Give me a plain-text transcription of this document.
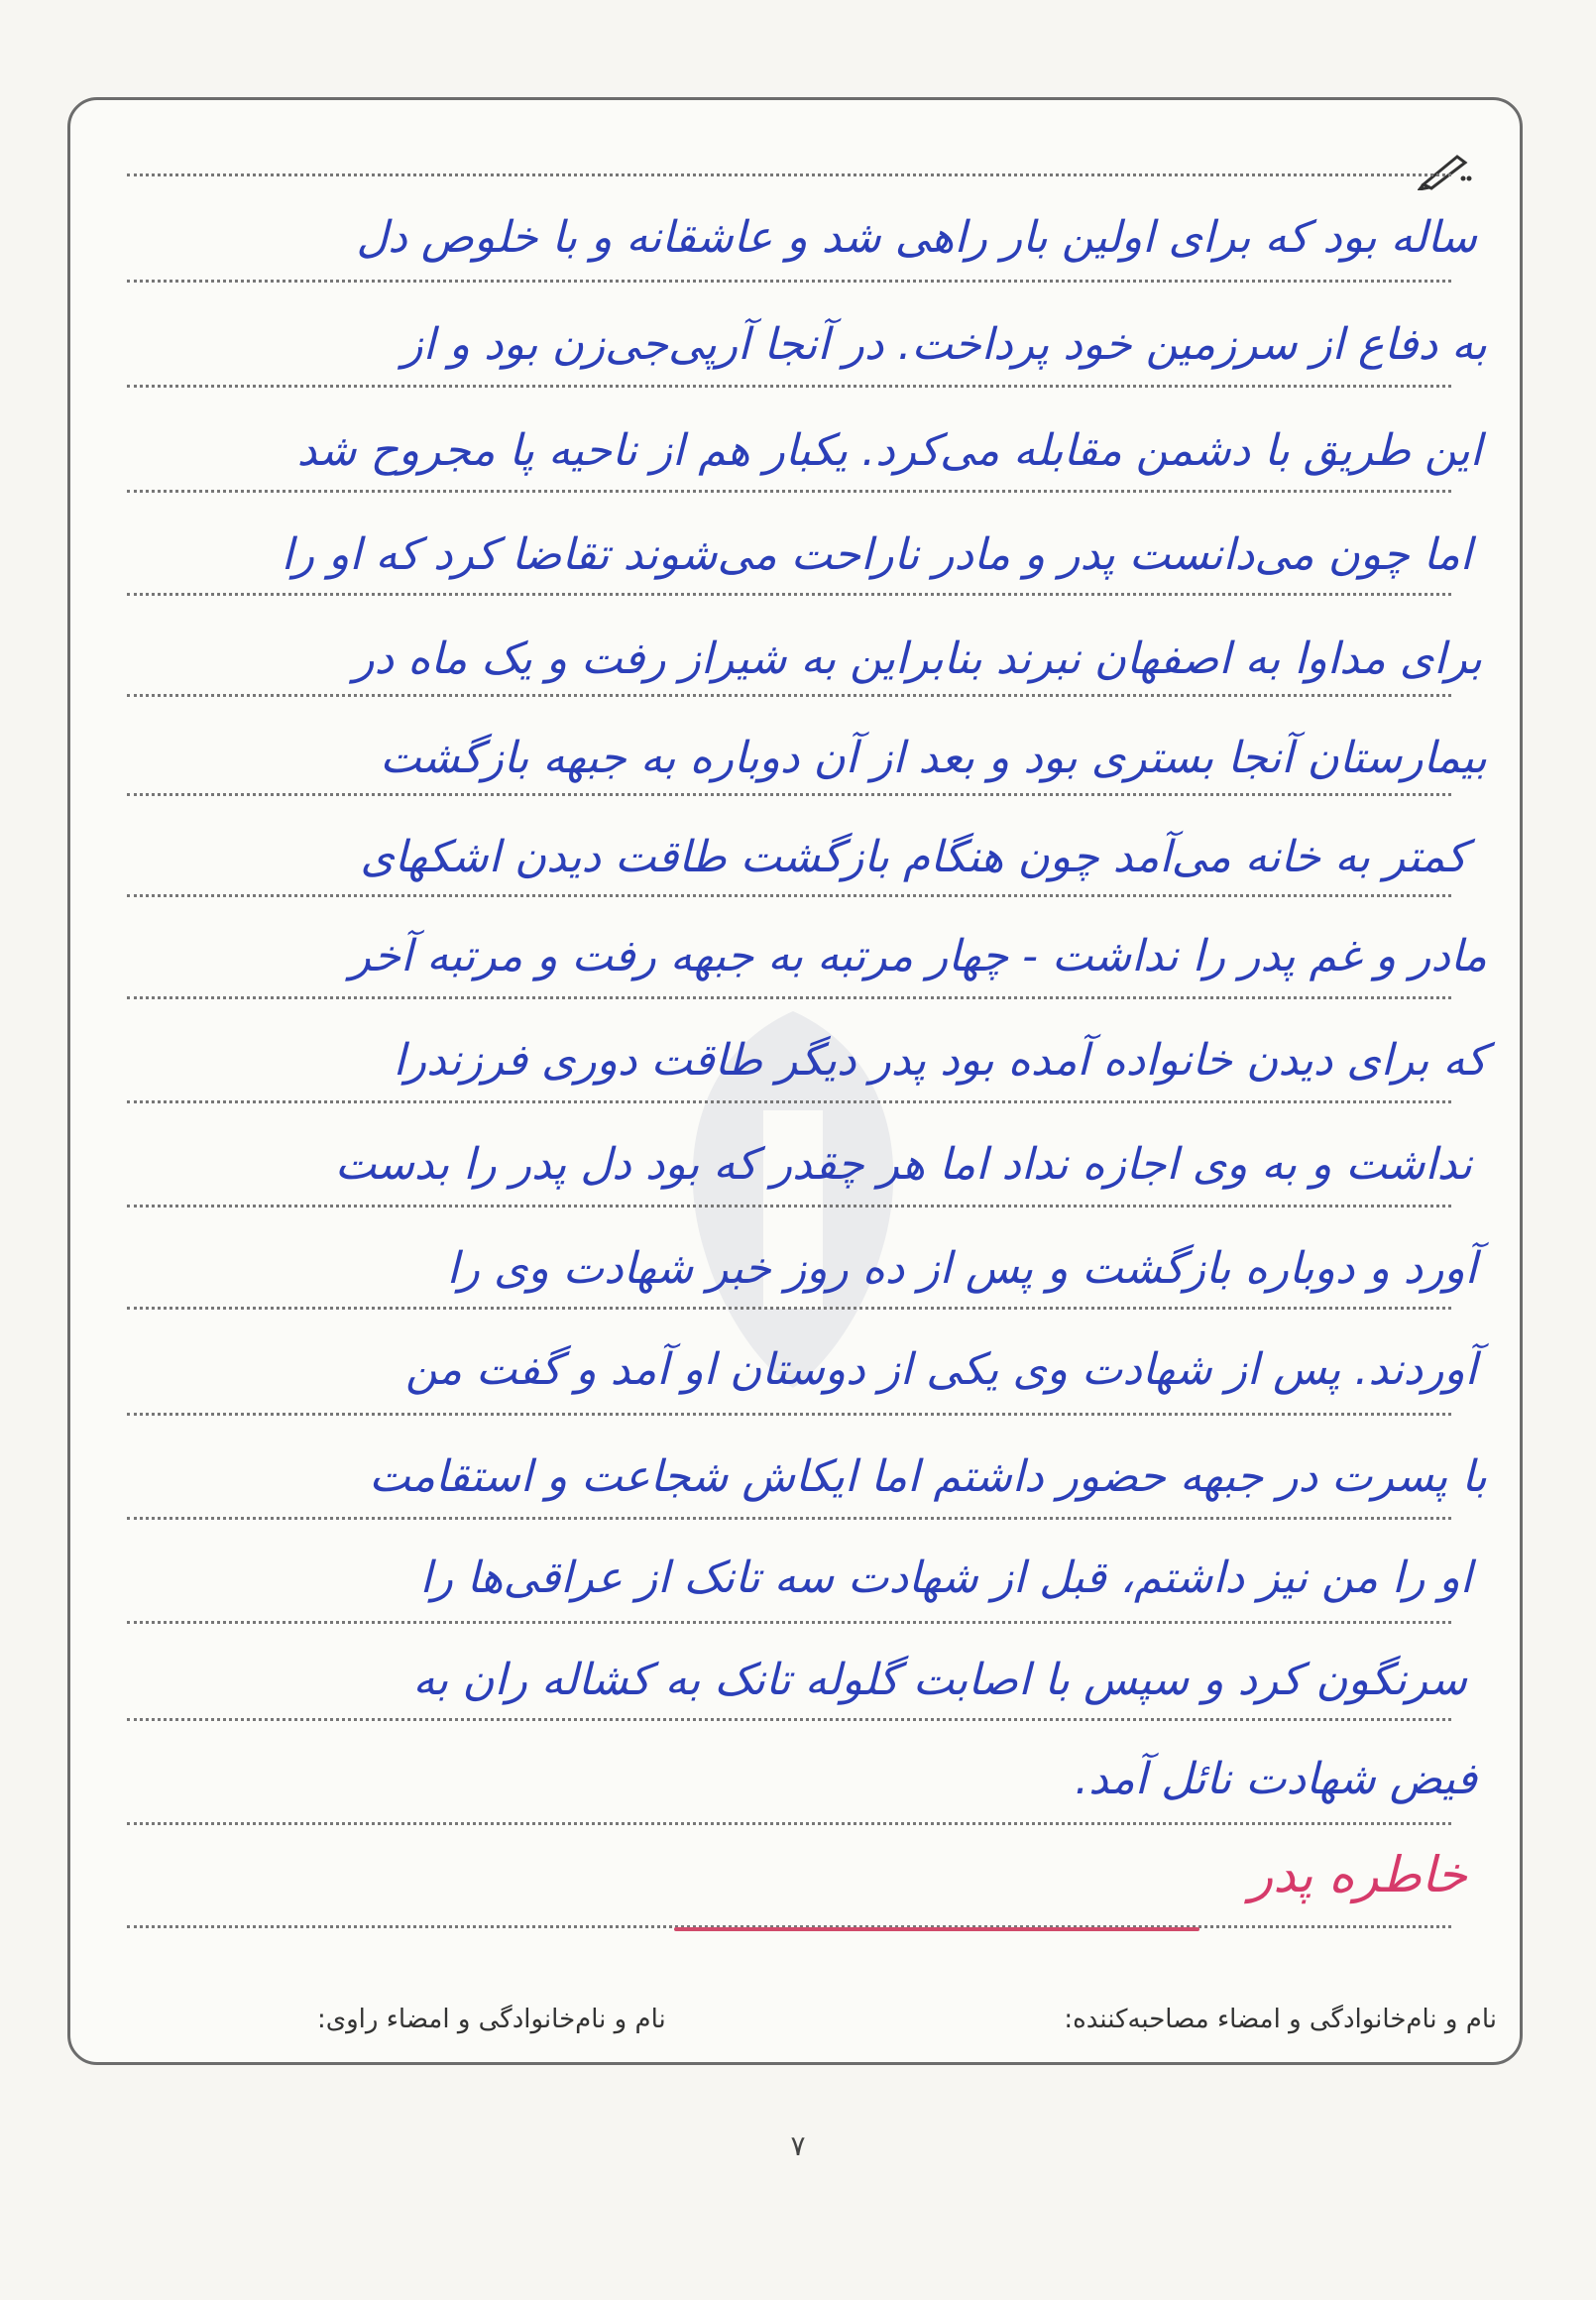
سالە بود کە برای اولین بار راهی شد و عاشقانە و با خلوص دل
بە دفاع از سرزمین خود پرداخت. در آنجا آرپی‌جی‌زن بود و از
این طریق با دشمن مقابلە می‌کرد. یکبار هم از ناحیە پا مجروح شد
اما چون می‌دانست پدر و مادر ناراحت می‌شوند تقاضا کرد کە او را
برای مداوا بە اصفهان نبرند بنابراین بە شیراز رفت و یک ماه در
بیمارستان آنجا بستری بود و بعد از آن دوبارە بە جبهە بازگشت
کمتر بە خانە می‌آمد چون هنگام بازگشت طاقت دیدن اشکهای
مادر و غم پدر را نداشت - چهار مرتبە بە جبهە رفت و مرتبە آخر
کە برای دیدن خانوادە آمدە بود پدر دیگر طاقت دوری فرزندرا
نداشت و بە وی اجازە نداد اما هر چقدر کە بود دل پدر را بدست
آورد و دوبارە بازگشت و پس از دە روز خبر شهادت وی را
آوردند. پس از شهادت وی یکی از دوستان او آمد و گفت من
با پسرت در جبهە حضور داشتم اما ایکاش شجاعت و استقامت
او را من نیز داشتم، قبل از شهادت سە تانک از عراقی‌ها را
سرنگون کرد و سپس با اصابت گلولە تانک بە کشالە ران بە
فیض شهادت نائل آمد.
خاطره پدر
نام و نام‌خانوادگی و امضاء مصاحبه‌کننده:
نام و نام‌خانوادگی و امضاء راوی:
۷
